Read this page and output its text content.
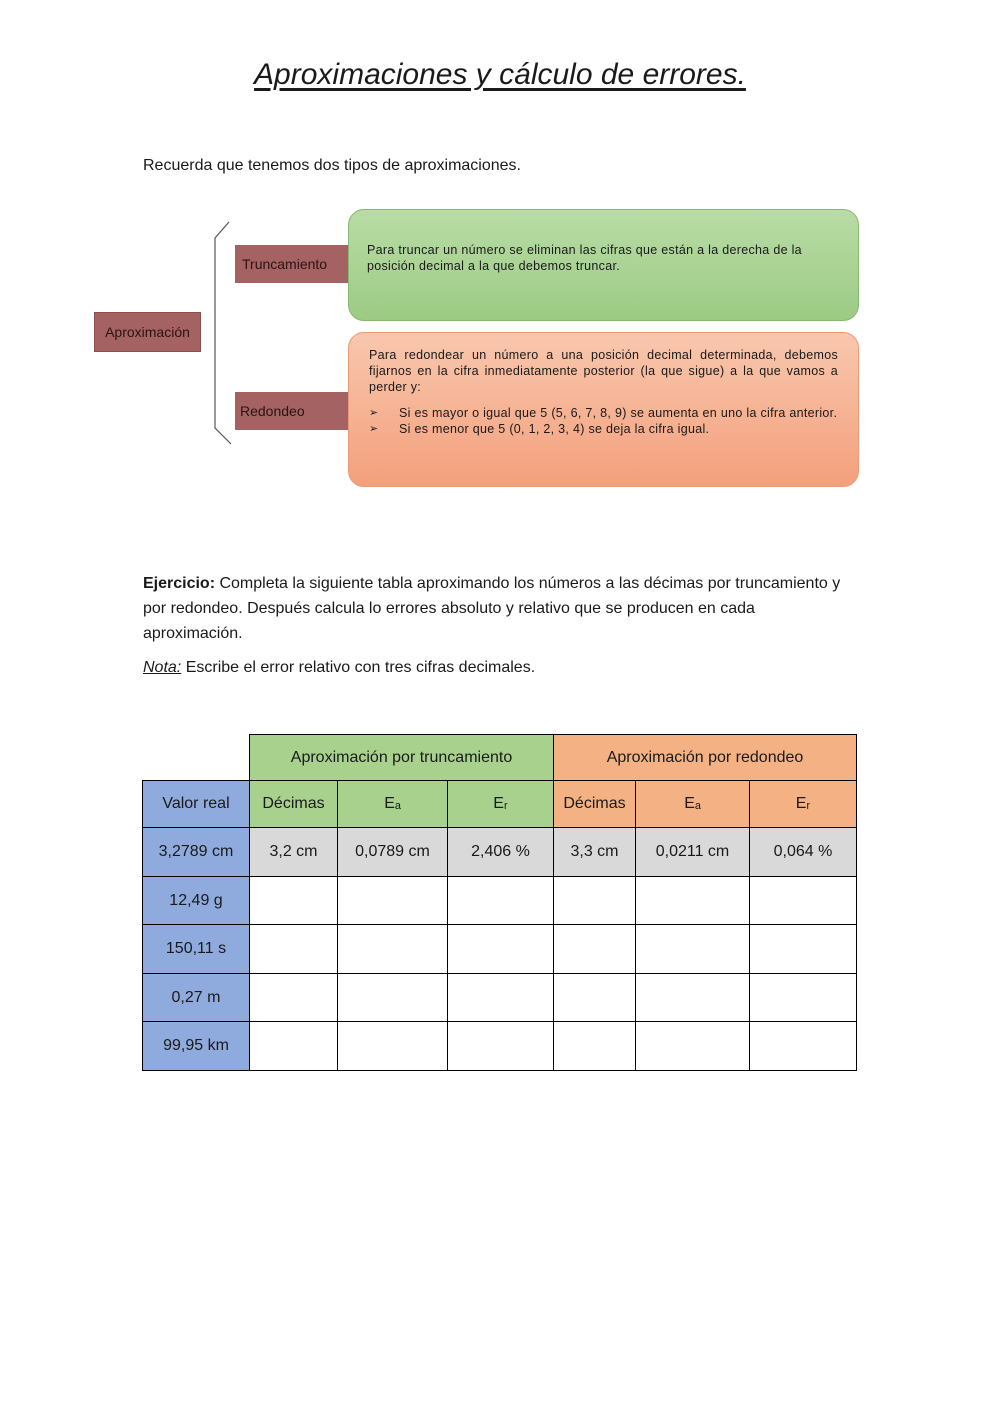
Aproximaciones y cálculo de errores.
Recuerda que tenemos dos tipos de aproximaciones.
Aproximación
Truncamiento
Redondeo
Para truncar un número se eliminan las cifras que están a la derecha de la posición decimal a la que debemos truncar.

Para redondear un número a una posición decimal determinada, debemos fijarnos en la cifra inmediatamente posterior (la que sigue) a la que vamos a perder y:

➢ Si es mayor o igual que 5 (5, 6, 7, 8, 9) se aumenta en uno la cifra anterior.
➢ Si es menor que 5 (0, 1, 2, 3, 4) se deja la cifra igual.
Ejercicio: Completa la siguiente tabla aproximando los números a las décimas por truncamiento y por redondeo. Después calcula lo errores absoluto y relativo que se producen en cada aproximación.
Nota: Escribe el error relativo con tres cifras decimales.
	Aproximación por truncamiento			Aproximación por redondeo		
Valor real	Décimas	Eₐ	Eᵣ	Décimas	Eₐ	Eᵣ
3,2789 cm	3,2 cm	0,0789 cm	2,406 %	3,3 cm	0,0211 cm	0,064 %
12,49 g						
150,11 s						
0,27 m						
99,95 km						
